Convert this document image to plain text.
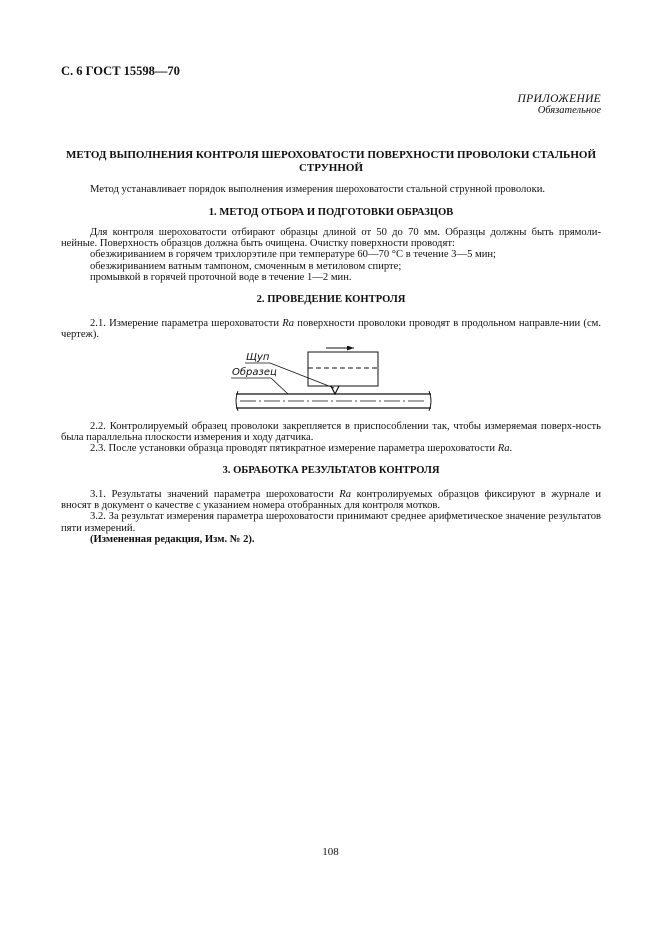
С. 6 ГОСТ 15598—70
ПРИЛОЖЕНИЕ
Обязательное
МЕТОД ВЫПОЛНЕНИЯ КОНТРОЛЯ ШЕРОХОВАТОСТИ ПОВЕРХНОСТИ ПРОВОЛОКИ СТАЛЬНОЙ
СТРУННОЙ
Метод устанавливает порядок выполнения измерения шероховатости стальной струнной проволоки.
1. МЕТОД ОТБОРА И ПОДГОТОВКИ ОБРАЗЦОВ
Для контроля шероховатости отбирают образцы длиной от 50 до 70 мм. Образцы должны быть прямоли-нейные. Поверхность образцов должна быть очищена. Очистку поверхности проводят:
обезжириванием в горячем трихлорэтиле при температуре 60—70 °С в течение 3—5 мин;
обезжириванием ватным тампоном, смоченным в метиловом спирте;
промывкой в горячей проточной воде в течение 1—2 мин.
2. ПРОВЕДЕНИЕ КОНТРОЛЯ
2.1. Измерение параметра шероховатости Ra поверхности проволоки проводят в продольном направле-нии (см. чертеж).
Щуп
Образец
2.2. Контролируемый образец проволоки закрепляется в приспособлении так, чтобы измеряемая поверх-ность была параллельна плоскости измерения и ходу датчика.
2.3. После установки образца проводят пятикратное измерение параметра шероховатости Ra.
3. ОБРАБОТКА РЕЗУЛЬТАТОВ КОНТРОЛЯ
3.1. Результаты значений параметра шероховатости Ra контролируемых образцов фиксируют в журнале и вносят в документ о качестве с указанием номера отобранных для контроля мотков.
3.2. За результат измерения параметра шероховатости принимают среднее арифметическое значение результатов пяти измерений.
(Измененная редакция, Изм. № 2).
108
